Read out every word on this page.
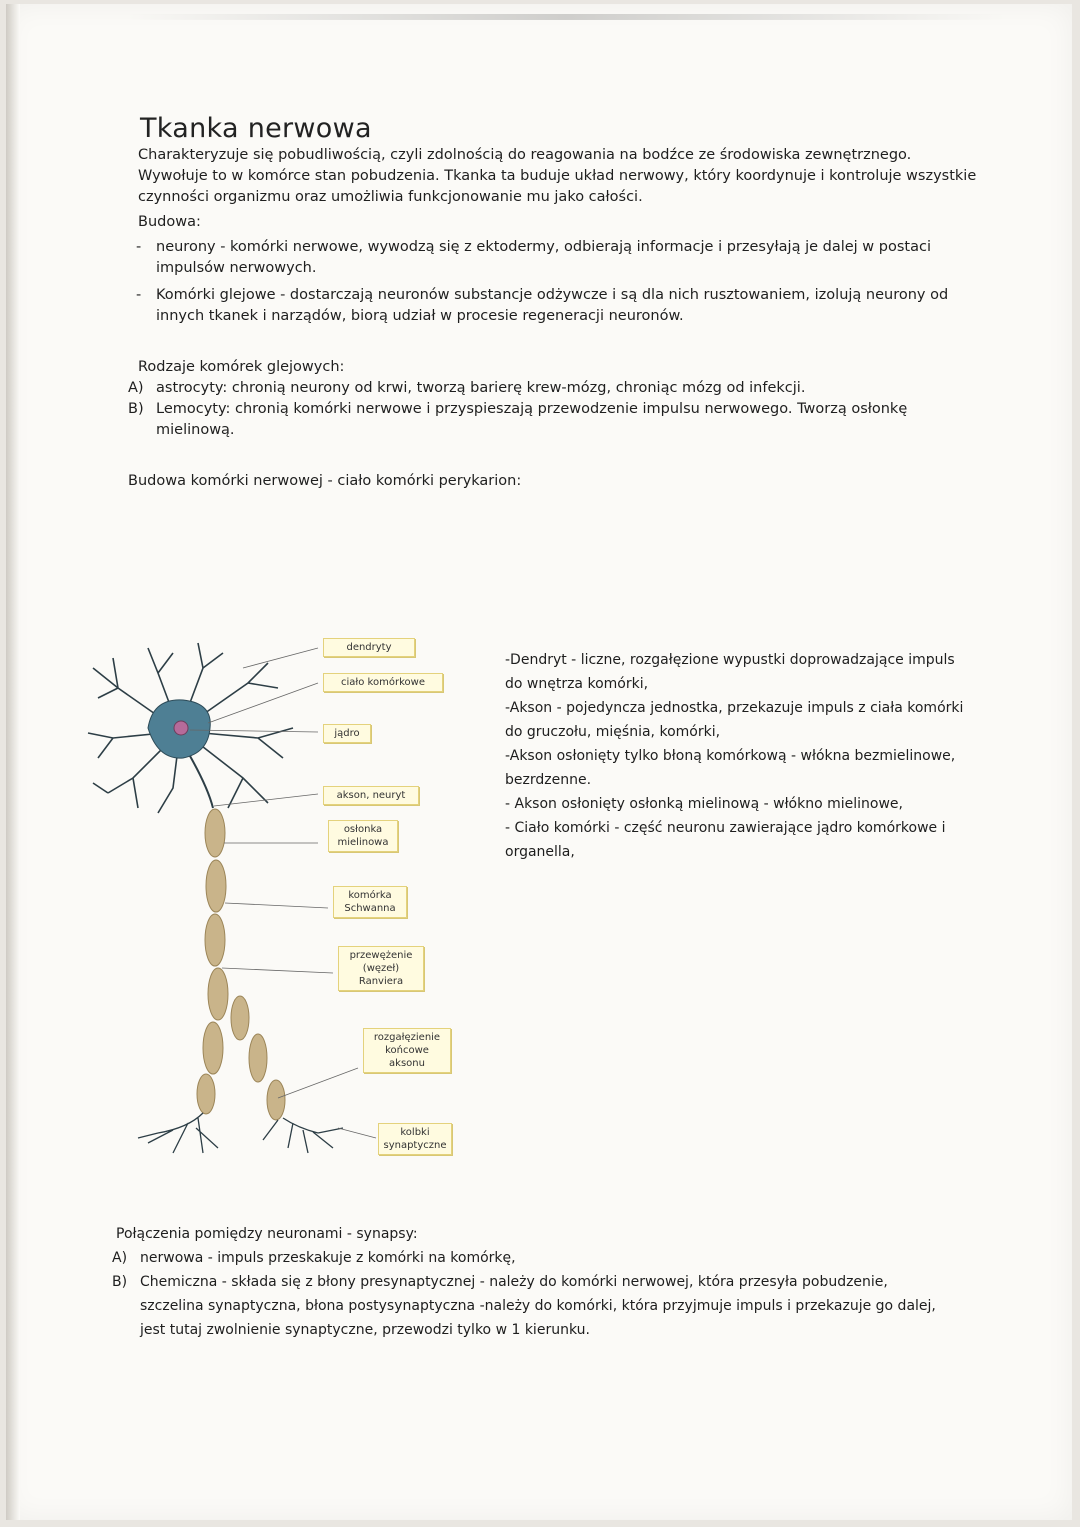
Tkanka nerwowa

Charakteryzuje się pobudliwością, czyli zdolnością do reagowania na bodźce ze środowiska zewnętrznego. Wywołuje to w komórce stan pobudzenia. Tkanka ta buduje układ nerwowy, który koordynuje i kontroluje wszystkie czynności organizmu oraz umożliwia funkcjonowanie mu jako całości.

Budowa:

- neurony - komórki nerwowe, wywodzą się z ektodermy, odbierają informacje i przesyłają je dalej w postaci impulsów nerwowych.
- Komórki glejowe - dostarczają neuronów substancje odżywcze i są dla nich rusztowaniem, izolują neurony od innych tkanek i narządów, biorą udział w procesie regeneracji neuronów.

Rodzaje komórek glejowych:

A) astrocyty: chronią neurony od krwi, tworzą barierę krew-mózg, chroniąc mózg od infekcji.
B) Lemocyty: chronią komórki nerwowe i przyspieszają przewodzenie impulsu nerwowego. Tworzą osłonkę mielinową.

Budowa komórki nerwowej - ciało komórki perykarion:

dendryty
ciało komórkowe
jądro
akson, neuryt
osłonka mielinowa
komórka Schwanna
przewężenie (węzeł) Ranviera
rozgałęzienie końcowe aksonu
kolbki synaptyczne

-Dendryt - liczne, rozgałęzione wypustki doprowadzające impuls do wnętrza komórki,

-Akson - pojedyncza jednostka, przekazuje impuls z ciała komórki do gruczołu, mięśnia, komórki,

-Akson osłonięty tylko błoną komórkową - włókna bezmielinowe, bezrdzenne.

- Akson osłonięty osłonką mielinową - włókno mielinowe,

- Ciało komórki - część neuronu zawierające jądro komórkowe i organella,

Połączenia pomiędzy neuronami - synapsy:

A) nerwowa - impuls przeskakuje z komórki na komórkę,
B) Chemiczna - składa się z błony presynaptycznej - należy do komórki nerwowej, która przesyła pobudzenie, szczelina synaptyczna, błona postysynaptyczna -należy do komórki, która przyjmuje impuls i przekazuje go dalej, jest tutaj zwolnienie synaptyczne, przewodzi tylko w 1 kierunku.
